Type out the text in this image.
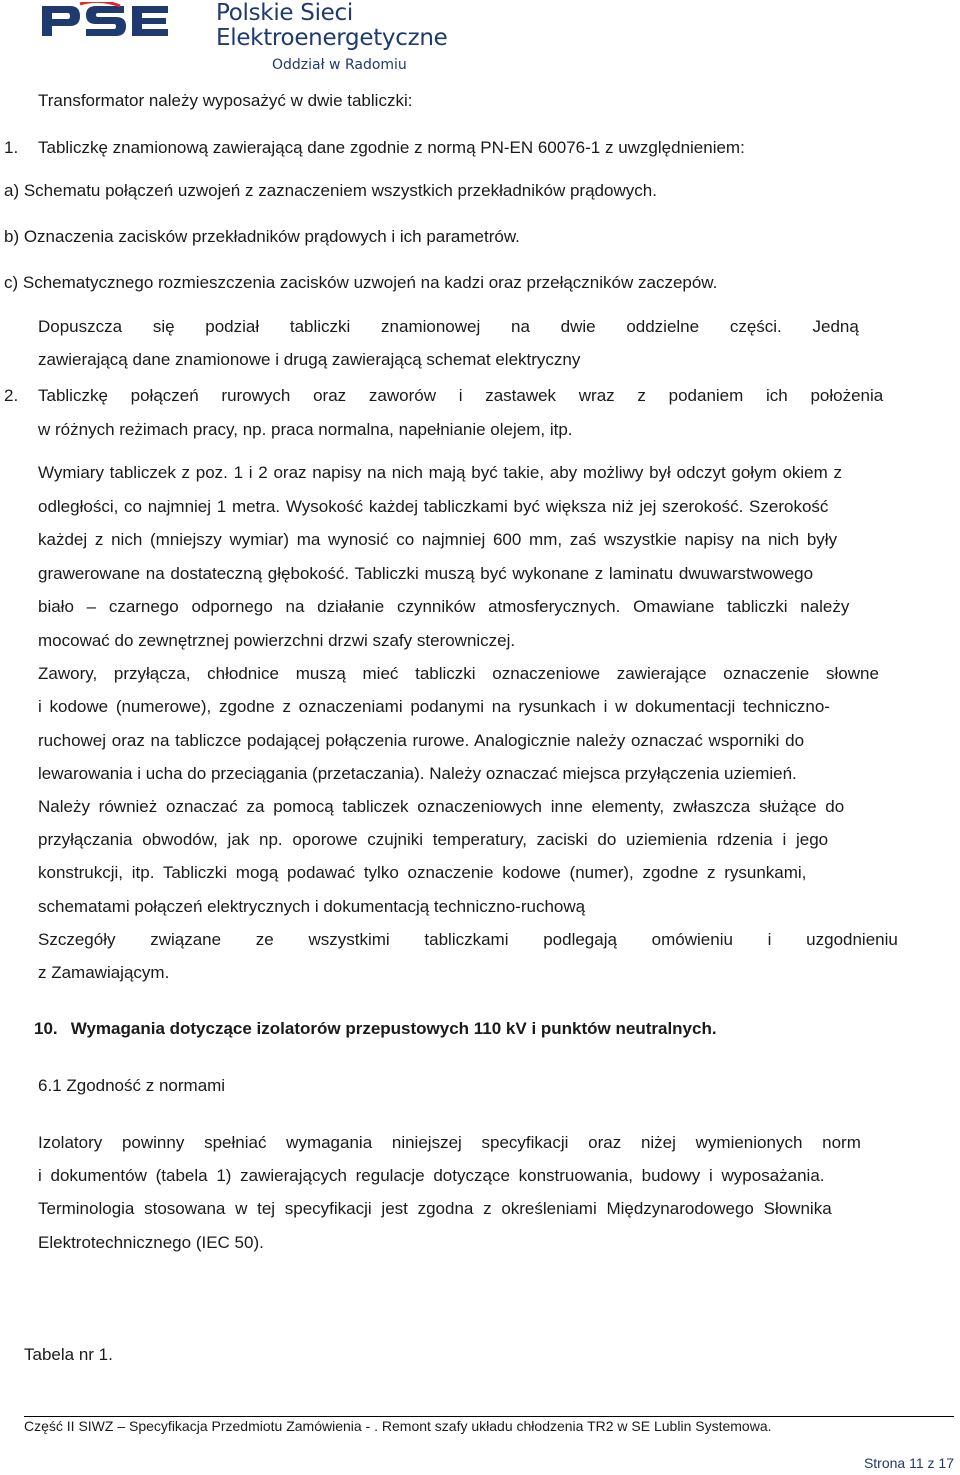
Polskie Sieci
Elektroenergetyczne
Oddział w Radomiu
Transformator należy wyposażyć w dwie tabliczki:
1. Tabliczkę znamionową zawierającą dane zgodnie z normą PN-EN 60076-1 z uwzględnieniem:
a) Schematu połączeń uzwojeń z zaznaczeniem wszystkich przekładników prądowych.
b) Oznaczenia zacisków przekładników prądowych i ich parametrów.
c) Schematycznego rozmieszczenia zacisków uzwojeń na kadzi oraz przełączników zaczepów.
Dopuszcza się podział tabliczki znamionowej na dwie oddzielne części. Jedną
zawierającą dane znamionowe i drugą zawierającą schemat elektryczny
2. Tabliczkę połączeń rurowych oraz zaworów i zastawek wraz z podaniem ich położenia
w różnych reżimach pracy, np. praca normalna, napełnianie olejem, itp.
Wymiary tabliczek z poz. 1 i 2 oraz napisy na nich mają być takie, aby możliwy był odczyt gołym okiem z
odległości, co najmniej 1 metra. Wysokość każdej tabliczkami być większa niż jej szerokość. Szerokość
każdej z nich (mniejszy wymiar) ma wynosić co najmniej 600 mm, zaś wszystkie napisy na nich były
grawerowane na dostateczną głębokość. Tabliczki muszą być wykonane z laminatu dwuwarstwowego
biało – czarnego odpornego na działanie czynników atmosferycznych. Omawiane tabliczki należy
mocować do zewnętrznej powierzchni drzwi szafy sterowniczej.
Zawory, przyłącza, chłodnice muszą mieć tabliczki oznaczeniowe zawierające oznaczenie słowne
i kodowe (numerowe), zgodne z oznaczeniami podanymi na rysunkach i w dokumentacji techniczno-
ruchowej oraz na tabliczce podającej połączenia rurowe. Analogicznie należy oznaczać wsporniki do
lewarowania i ucha do przeciągania (przetaczania). Należy oznaczać miejsca przyłączenia uziemień.
Należy również oznaczać za pomocą tabliczek oznaczeniowych inne elementy, zwłaszcza służące do
przyłączania obwodów, jak np. oporowe czujniki temperatury, zaciski do uziemienia rdzenia i jego
konstrukcji, itp. Tabliczki mogą podawać tylko oznaczenie kodowe (numer), zgodne z rysunkami,
schematami połączeń elektrycznych i dokumentacją techniczno-ruchową
Szczegóły związane ze wszystkimi tabliczkami podlegają omówieniu i uzgodnieniu
z Zamawiającym.
10. Wymagania dotyczące izolatorów przepustowych 110 kV i punktów neutralnych.
6.1 Zgodność z normami
Izolatory powinny spełniać wymagania niniejszej specyfikacji oraz niżej wymienionych norm
i dokumentów (tabela 1) zawierających regulacje dotyczące konstruowania, budowy i wyposażania.
Terminologia stosowana w tej specyfikacji jest zgodna z określeniami Międzynarodowego Słownika
Elektrotechnicznego (IEC 50).
Tabela nr 1.
Część II SIWZ – Specyfikacja Przedmiotu Zamówienia - . Remont szafy układu chłodzenia TR2 w SE Lublin Systemowa.
Strona 11 z 17
